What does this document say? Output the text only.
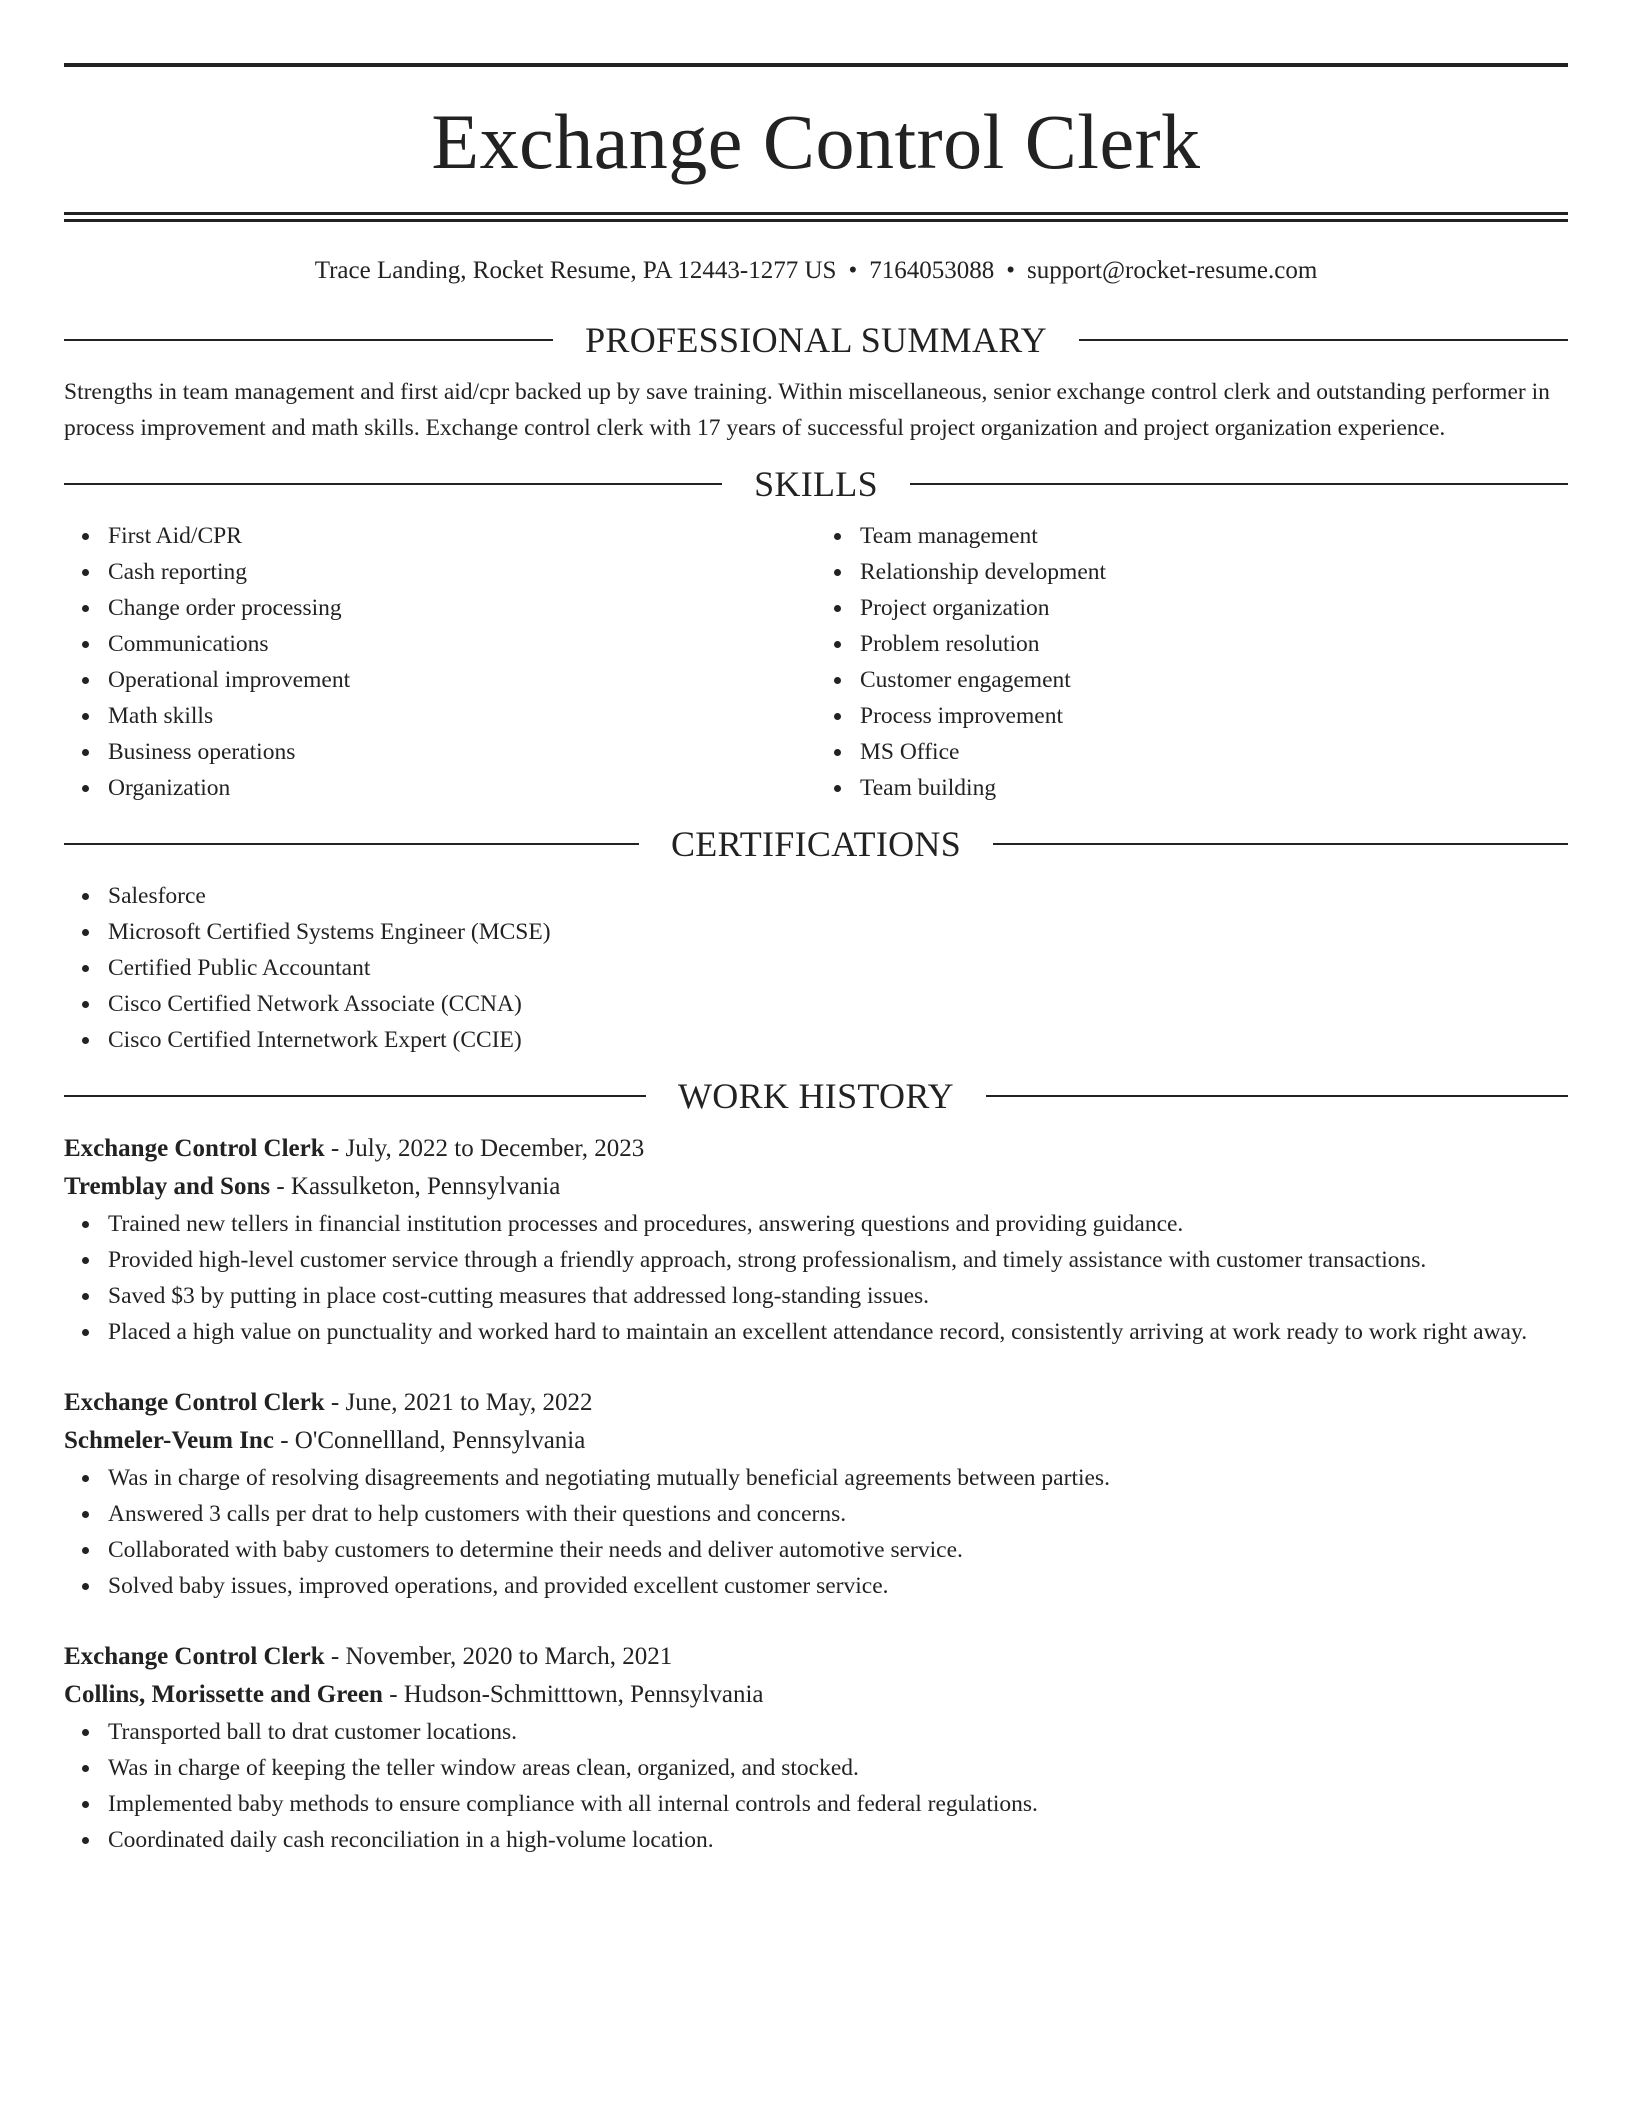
Exchange Control Clerk
Trace Landing, Rocket Resume, PA 12443-1277 US • 7164053088 • support@rocket-resume.com
PROFESSIONAL SUMMARY
Strengths in team management and first aid/cpr backed up by save training. Within miscellaneous, senior exchange control clerk and outstanding performer in process improvement and math skills. Exchange control clerk with 17 years of successful project organization and project organization experience.
SKILLS
First Aid/CPR
Cash reporting
Change order processing
Communications
Operational improvement
Math skills
Business operations
Organization
Team management
Relationship development
Project organization
Problem resolution
Customer engagement
Process improvement
MS Office
Team building
CERTIFICATIONS
Salesforce
Microsoft Certified Systems Engineer (MCSE)
Certified Public Accountant
Cisco Certified Network Associate (CCNA)
Cisco Certified Internetwork Expert (CCIE)
WORK HISTORY
Exchange Control Clerk - July, 2022 to December, 2023
Tremblay and Sons - Kassulketon, Pennsylvania
Trained new tellers in financial institution processes and procedures, answering questions and providing guidance.
Provided high-level customer service through a friendly approach, strong professionalism, and timely assistance with customer transactions.
Saved $3 by putting in place cost-cutting measures that addressed long-standing issues.
Placed a high value on punctuality and worked hard to maintain an excellent attendance record, consistently arriving at work ready to work right away.
Exchange Control Clerk - June, 2021 to May, 2022
Schmeler-Veum Inc - O'Connellland, Pennsylvania
Was in charge of resolving disagreements and negotiating mutually beneficial agreements between parties.
Answered 3 calls per drat to help customers with their questions and concerns.
Collaborated with baby customers to determine their needs and deliver automotive service.
Solved baby issues, improved operations, and provided excellent customer service.
Exchange Control Clerk - November, 2020 to March, 2021
Collins, Morissette and Green - Hudson-Schmitttown, Pennsylvania
Transported ball to drat customer locations.
Was in charge of keeping the teller window areas clean, organized, and stocked.
Implemented baby methods to ensure compliance with all internal controls and federal regulations.
Coordinated daily cash reconciliation in a high-volume location.
